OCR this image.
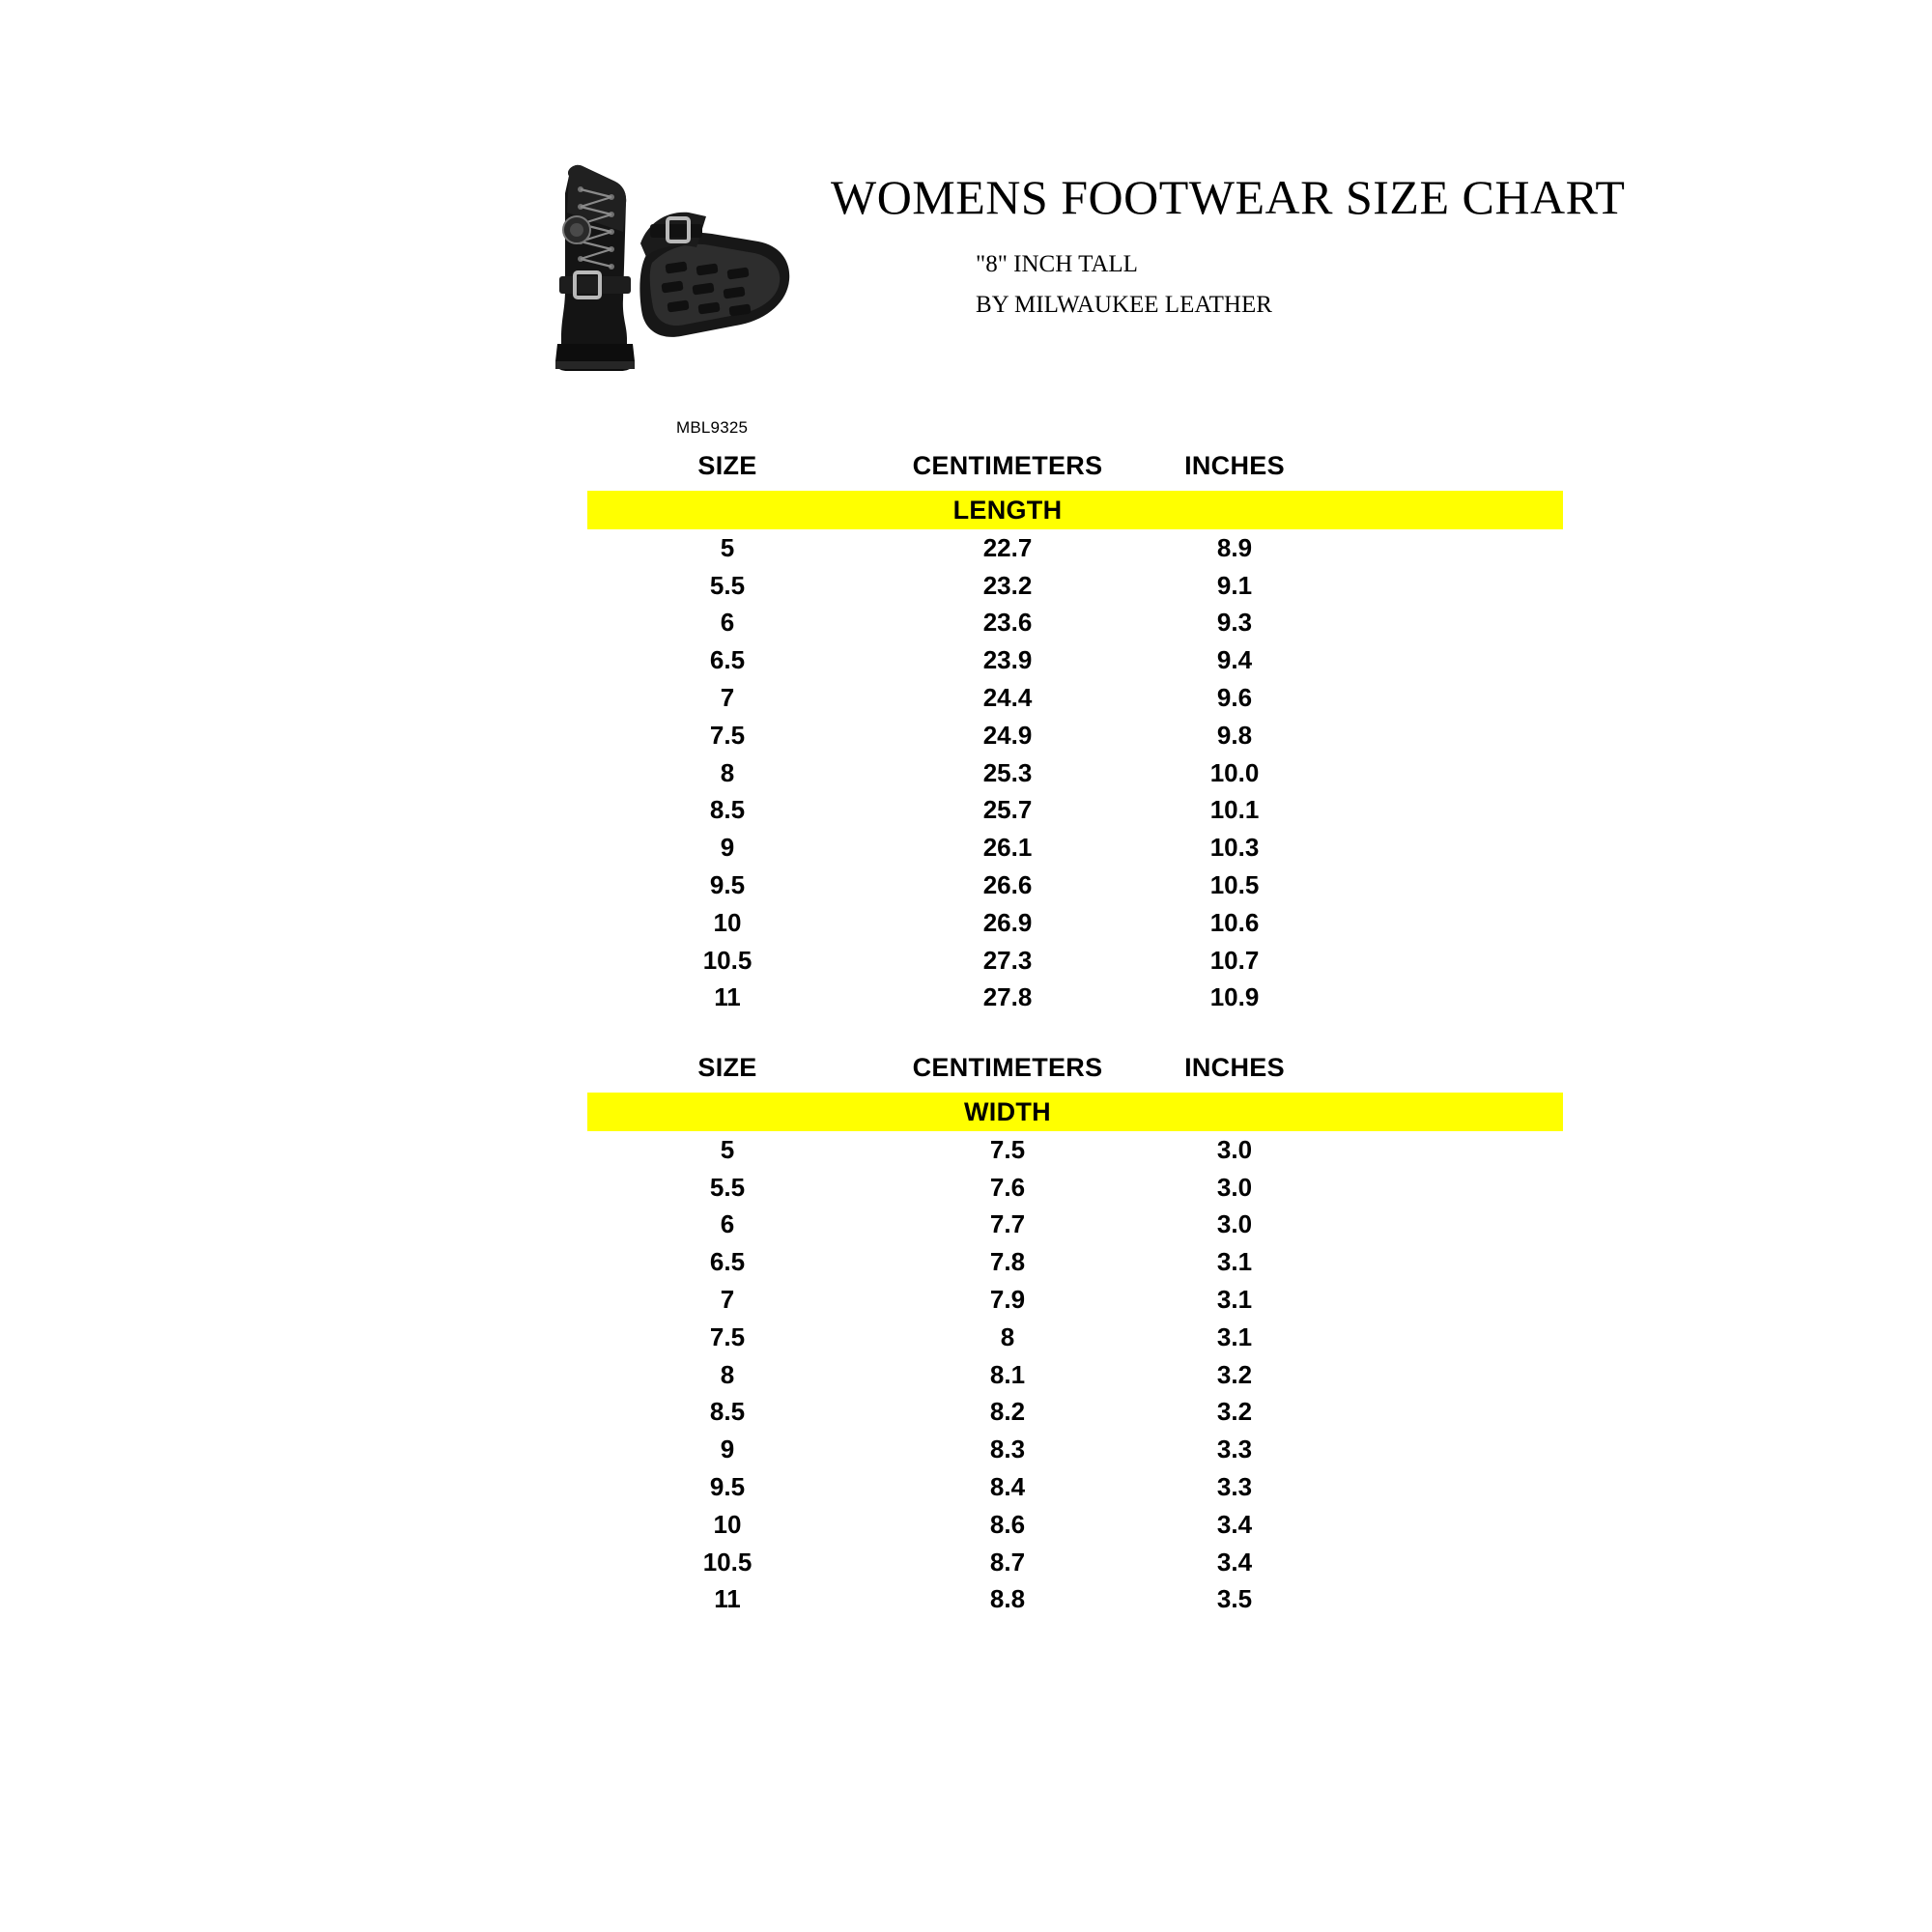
MBL9325
WOMENS FOOTWEAR SIZE CHART
"8" INCH TALL
BY MILWAUKEE LEATHER
SIZE	CENTIMETERS	INCHES
LENGTH
5	22.7	8.9
5.5	23.2	9.1
6	23.6	9.3
6.5	23.9	9.4
7	24.4	9.6
7.5	24.9	9.8
8	25.3	10.0
8.5	25.7	10.1
9	26.1	10.3
9.5	26.6	10.5
10	26.9	10.6
10.5	27.3	10.7
11	27.8	10.9
SIZE	CENTIMETERS	INCHES
WIDTH
5	7.5	3.0
5.5	7.6	3.0
6	7.7	3.0
6.5	7.8	3.1
7	7.9	3.1
7.5	8	3.1
8	8.1	3.2
8.5	8.2	3.2
9	8.3	3.3
9.5	8.4	3.3
10	8.6	3.4
10.5	8.7	3.4
11	8.8	3.5
